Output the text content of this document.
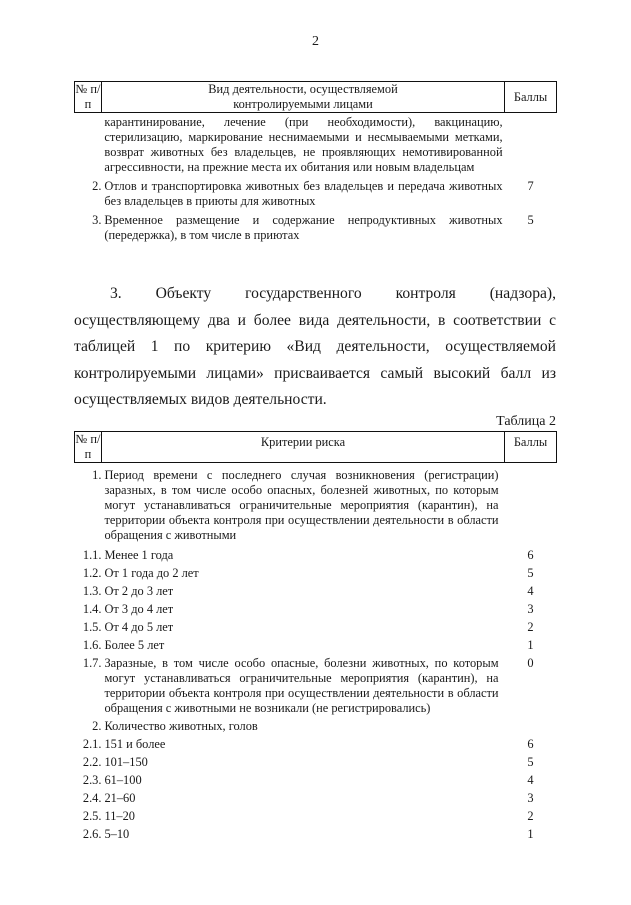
2
№ п/п	Вид деятельности, осуществляемой контролируемыми лицами	Баллы
	карантинирование, лечение (при необходимости), вакцинацию, стерилизацию, маркирование неснимаемыми и несмываемыми метками, возврат животных без владельцев, не проявляющих немотивированной агрессивности, на прежние места их обитания или новым владельцам	
2.	Отлов и транспортировка животных без владельцев и передача животных без владельцев в приюты для животных	7
3.	Временное размещение и содержание непродуктивных животных (передержка), в том числе в приютах	5
3. Объекту государственного контроля (надзора), осуществляющему два и более вида деятельности, в соответствии с таблицей 1 по критерию «Вид деятельности, осуществляемой контролируемыми лицами» присваивается самый высокий балл из осуществляемых видов деятельности.
Таблица 2
№ п/п	Критерии риска	Баллы
1.	Период времени с последнего случая возникновения (регистрации) заразных, в том числе особо опасных, болезней животных, по которым могут устанавливаться ограничительные мероприятия (карантин), на территории объекта контроля при осуществлении деятельности в области обращения с животными	
1.1.	Менее 1 года	6
1.2.	От 1 года до 2 лет	5
1.3.	От 2 до 3 лет	4
1.4.	От 3 до 4 лет	3
1.5.	От 4 до 5 лет	2
1.6.	Более 5 лет	1
1.7.	Заразные, в том числе особо опасные, болезни животных, по которым могут устанавливаться ограничительные мероприятия (карантин), на территории объекта контроля при осуществлении деятельности в области обращения с животными не возникали (не регистрировались)	0
2.	Количество животных, голов	
2.1.	151 и более	6
2.2.	101–150	5
2.3.	61–100	4
2.4.	21–60	3
2.5.	11–20	2
2.6.	5–10	1
